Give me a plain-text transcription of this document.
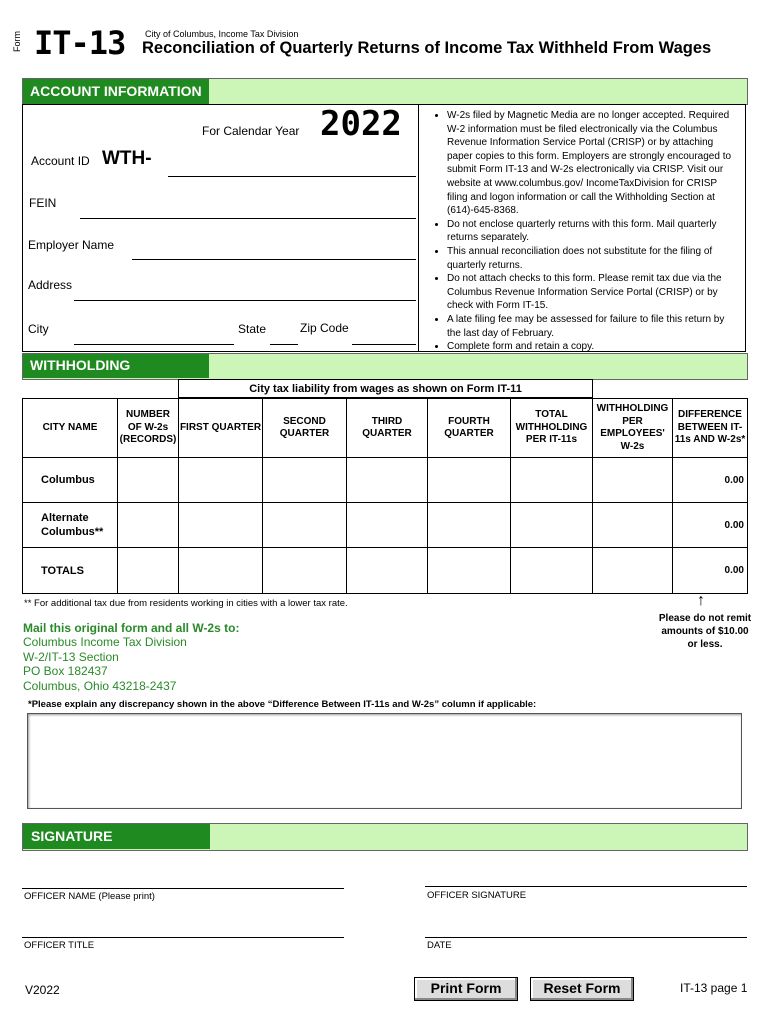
Form IT-13 City of Columbus, Income Tax Division
Reconciliation of Quarterly Returns of Income Tax Withheld From Wages
ACCOUNT INFORMATION
For Calendar Year 2022
Account ID WTH-
FEIN
Employer Name
Address
City	State	Zip Code
• W-2s filed by Magnetic Media are no longer accepted. Required W-2 information must be filed electronically via the Columbus Revenue Information Service Portal (CRISP) or by attaching paper copies to this form. Employers are strongly encouraged to submit Form IT-13 and W-2s electronically via CRISP. Visit our website at www.columbus.gov/ IncomeTaxDivision for CRISP filing and logon information or call the Withholding Section at (614)-645-8368.
• Do not enclose quarterly returns with this form. Mail quarterly returns separately.
• This annual reconciliation does not substitute for the filing of quarterly returns.
• Do not attach checks to this form. Please remit tax due via the Columbus Revenue Information Service Portal (CRISP) or by check with Form IT-15.
• A late filing fee may be assessed for failure to file this return by the last day of February.
• Complete form and retain a copy.
WITHHOLDING
City tax liability from wages as shown on Form IT-11
CITY NAME	NUMBER OF W-2s (RECORDS)	FIRST QUARTER	SECOND QUARTER	THIRD QUARTER	FOURTH QUARTER	TOTAL WITHHOLDING PER IT-11s	WITHHOLDING PER EMPLOYEES' W-2s	DIFFERENCE BETWEEN IT-11s AND W-2s*
Columbus								0.00
Alternate Columbus**								0.00
TOTALS								0.00
** For additional tax due from residents working in cities with a lower tax rate.	↑
Please do not remit amounts of $10.00 or less.
Mail this original form and all W-2s to:
Columbus Income Tax Division
W-2/IT-13 Section
PO Box 182437
Columbus, Ohio 43218-2437
*Please explain any discrepancy shown in the above “Difference Between IT-11s and W-2s” column if applicable:
SIGNATURE
OFFICER NAME (Please print)	OFFICER SIGNATURE
OFFICER TITLE	DATE
V2022	Print Form	Reset Form	IT-13 page 1
